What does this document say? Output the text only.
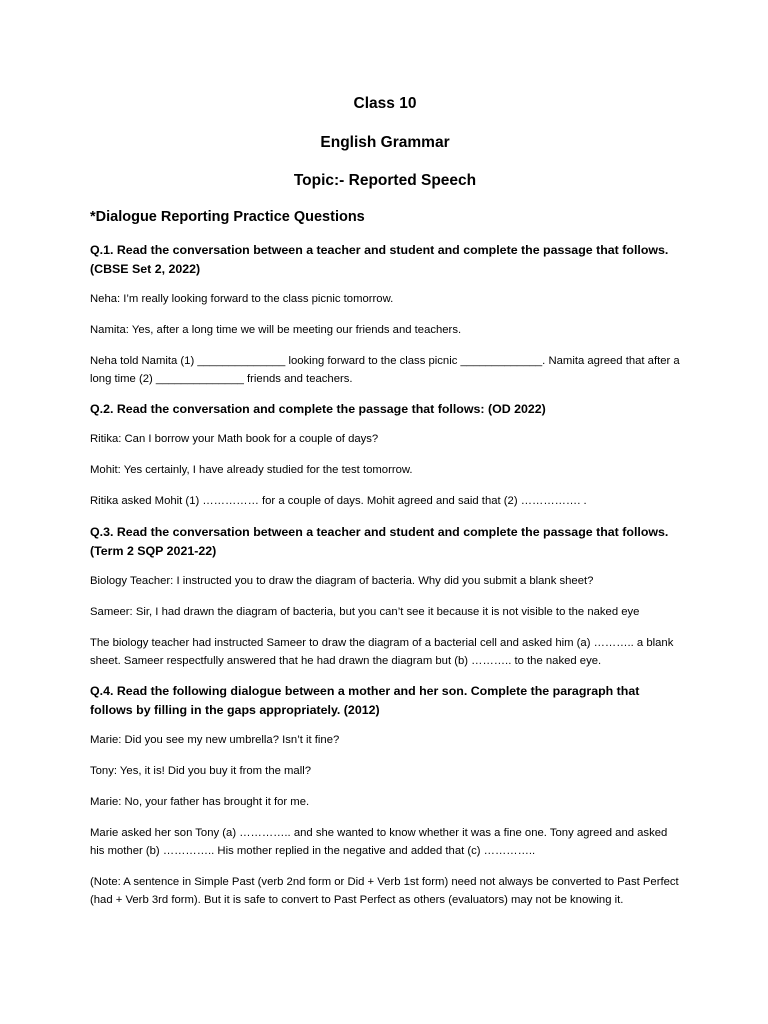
Class 10

English Grammar

Topic:- Reported Speech

*Dialogue Reporting Practice Questions

Q.1. Read the conversation between a teacher and student and complete the passage that follows. (CBSE Set 2, 2022)

Neha: I’m really looking forward to the class picnic tomorrow.

Namita: Yes, after a long time we will be meeting our friends and teachers.

Neha told Namita (1) ______________ looking forward to the class picnic _____________. Namita agreed that after a long time (2) ______________ friends and teachers.

Q.2. Read the conversation and complete the passage that follows: (OD 2022)

Ritika: Can I borrow your Math book for a couple of days?

Mohit: Yes certainly, I have already studied for the test tomorrow.

Ritika asked Mohit (1) …………… for a couple of days. Mohit agreed and said that (2) ……………. .

Q.3. Read the conversation between a teacher and student and complete the passage that follows. (Term 2 SQP 2021-22)

Biology Teacher: I instructed you to draw the diagram of bacteria. Why did you submit a blank sheet?

Sameer: Sir, I had drawn the diagram of bacteria, but you can’t see it because it is not visible to the naked eye

The biology teacher had instructed Sameer to draw the diagram of a bacterial cell and asked him (a) ……….. a blank sheet. Sameer respectfully answered that he had drawn the diagram but (b) ……….. to the naked eye.

Q.4. Read the following dialogue between a mother and her son. Complete the paragraph that follows by filling in the gaps appropriately. (2012)

Marie: Did you see my new umbrella? Isn’t it fine?

Tony: Yes, it is! Did you buy it from the mall?

Marie: No, your father has brought it for me.

Marie asked her son Tony (a) ………….. and she wanted to know whether it was a fine one. Tony agreed and asked his mother (b) ………….. His mother replied in the negative and added that (c) …………..

(Note: A sentence in Simple Past (verb 2nd form or Did + Verb 1st form) need not always be converted to Past Perfect (had + Verb 3rd form). But it is safe to convert to Past Perfect as others (evaluators) may not be knowing it.
